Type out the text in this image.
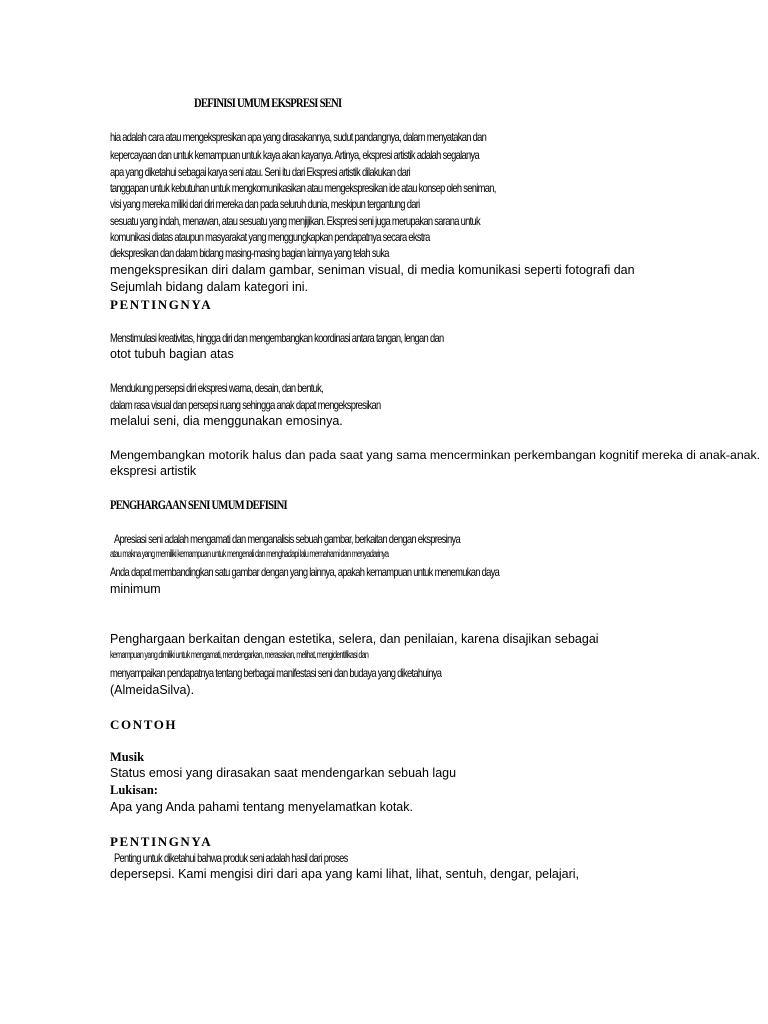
DEFINISI UMUM EKSPRESI SENI
hia adalah cara atau mengekspresikan apa yang dirasakannya, sudut pandangnya, dalam menyatakan dan
kepercayaan dan untuk kemampuan untuk kaya akan kayanya. Artinya, ekspresi artistik adalah segalanya
apa yang diketahui sebagai karya seni atau. Seni itu dari Ekspresi artistik dilakukan dari
tanggapan untuk kebutuhan untuk mengkomunikasikan atau mengekspresikan ide atau konsep oleh seniman,
visi yang mereka miliki dari diri mereka dan pada seluruh dunia, meskipun tergantung dari
sesuatu yang indah, menawan, atau sesuatu yang menjijikan. Ekspresi seni juga merupakan sarana untuk
komunikasi diatas ataupun masyarakat yang menggungkapkan pendapatnya secara ekstra
diekspresikan dan dalam bidang masing-masing bagian lainnya yang telah suka
mengekspresikan diri dalam gambar, seniman visual, di media komunikasi seperti fotografi dan
Sejumlah bidang dalam kategori ini.
PENTINGNYA
Menstimulasi kreativitas, hingga diri dan mengembangkan koordinasi antara tangan, lengan dan
otot tubuh bagian atas
Mendukung persepsi diri ekspresi warna, desain, dan bentuk,
dalam rasa visual dan persepsi ruang sehingga anak dapat mengekspresikan
melalui seni, dia menggunakan emosinya.
Mengembangkan motorik halus dan pada saat yang sama mencerminkan perkembangan kognitif mereka di anak-anak.
ekspresi artistik
PENGHARGAAN SENI UMUM DEFISINI
Apresiasi seni adalah mengamati dan menganalisis sebuah gambar, berkaitan dengan ekspresinya
atau makna yang memiliki kemampuan untuk mengenali dan menghadapi lalu memahami dan menyadarinya
Anda dapat membandingkan satu gambar dengan yang lainnya, apakah kemampuan untuk menemukan daya
minimum
Penghargaan berkaitan dengan estetika, selera, dan penilaian, karena disajikan sebagai
kemampuan yang dimiliki untuk mengamati, mendengarkan, merasakan, melihat, mengidentifikasi dan
menyampaikan pendapatnya tentang berbagai manifestasi seni dan budaya yang diketahuinya
(AlmeidaSilva).
CONTOH
Musik
Status emosi yang dirasakan saat mendengarkan sebuah lagu
Lukisan:
Apa yang Anda pahami tentang menyelamatkan kotak.
PENTINGNYA
Penting untuk diketahui bahwa produk seni adalah hasil dari proses
depersepsi. Kami mengisi diri dari apa yang kami lihat, lihat, sentuh, dengar, pelajari,
